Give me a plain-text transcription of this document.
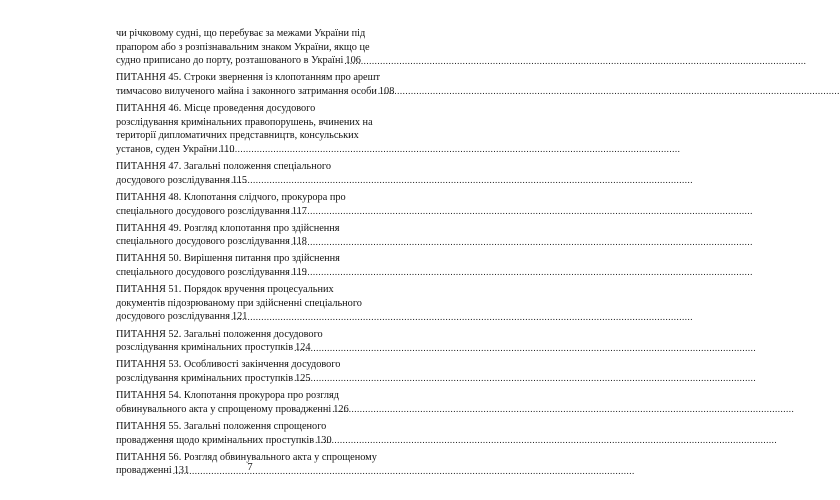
чи річковому судні, що перебуває за межами України під
прапором або з розпізнавальним знаком України, якщо це
судно приписано до порту, розташованого в Україні 106
ПИТАННЯ 45. Строки звернення із клопотанням про арешт
тимчасово вилученого майна і законного затримання особи 108
ПИТАННЯ 46. Місце проведення досудового
розслідування кримінальних правопорушень, вчинених на
території дипломатичних представництв, консульських
установ, суден України 110
ПИТАННЯ 47. Загальні положення спеціального
досудового розслідування 115
ПИТАННЯ 48. Клопотання слідчого, прокурора про
спеціального досудового розслідування 117
ПИТАННЯ 49. Розгляд клопотання про здійснення
спеціального досудового розслідування 118
ПИТАННЯ 50. Вирішення питання про здійснення
спеціального досудового розслідування 119
ПИТАННЯ 51. Порядок вручення процесуальних
документів підозрюваному при здійсненні спеціального
досудового розслідування 121
ПИТАННЯ 52. Загальні положення досудового
розслідування кримінальних проступків 124
ПИТАННЯ 53. Особливості закінчення досудового
розслідування кримінальних проступків 125
ПИТАННЯ 54. Клопотання прокурора про розгляд
обвинувального акта у спрощеному провадженні 126
ПИТАННЯ 55. Загальні положення спрощеного
провадження щодо кримінальних проступків 130
ПИТАННЯ 56. Розгляд обвинувального акта у спрощеному
провадженні 131	7
